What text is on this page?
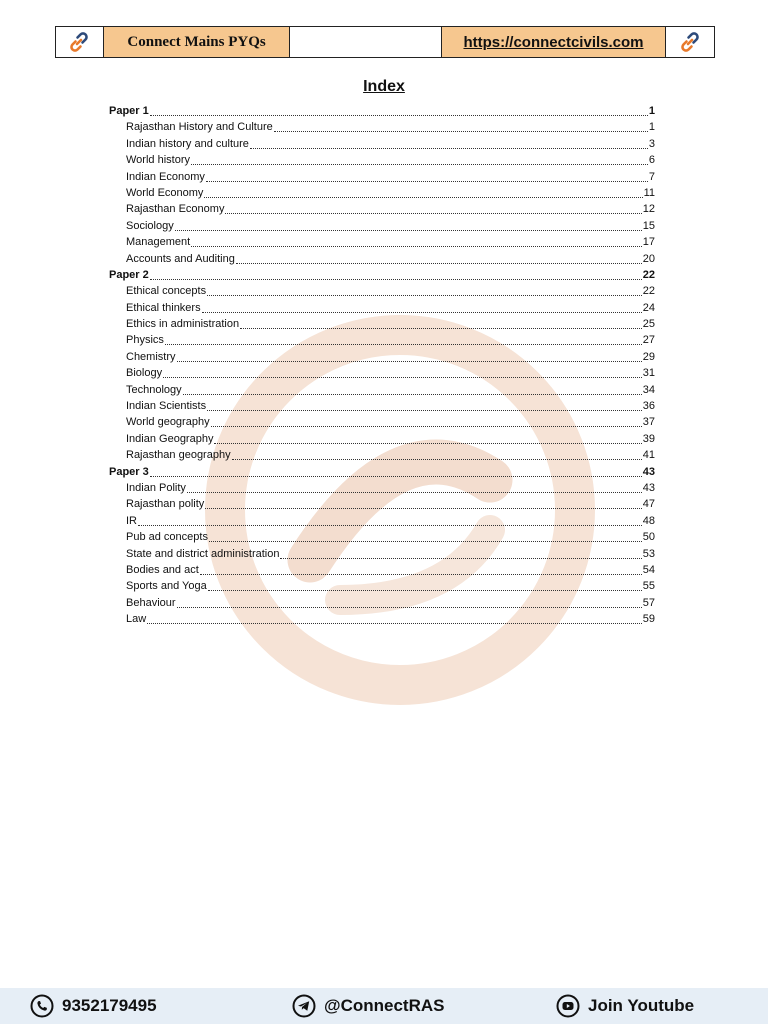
Connect Mains PYQs	https://connectcivils.com
Index
Paper 1	1
Rajasthan History and Culture	1
Indian history and culture	3
World history	6
Indian Economy	7
World Economy	11
Rajasthan Economy	12
Sociology	15
Management	17
Accounts and Auditing	20
Paper 2	22
Ethical concepts	22
Ethical thinkers	24
Ethics in administration	25
Physics	27
Chemistry	29
Biology	31
Technology	34
Indian Scientists	36
World geography	37
Indian Geography	39
Rajasthan geography	41
Paper 3	43
Indian Polity	43
Rajasthan polity	47
IR	48
Pub ad concepts	50
State and district administration	53
Bodies and act	54
Sports and Yoga	55
Behaviour	57
Law	59
9352179495	@ConnectRAS	Join Youtube
